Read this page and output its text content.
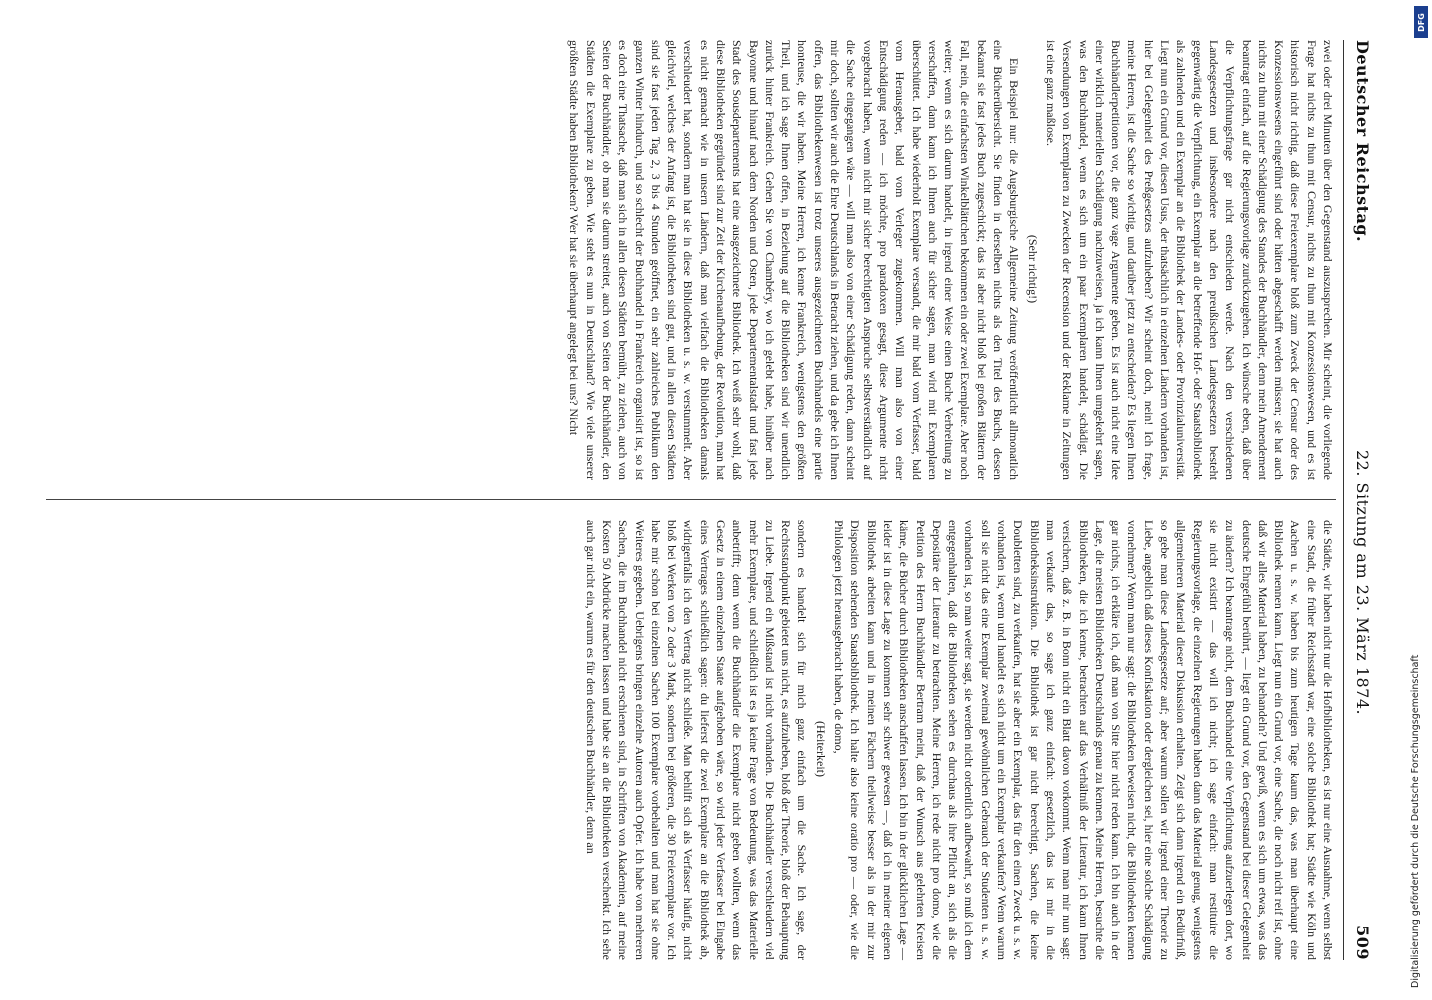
Deutscher Reichstag.
22. Sitzung am 23. März 1874.
509

zwei oder drei Minuten über den Gegenstand auszusprechen. Mir scheint, die vorliegende Frage hat nichts zu thun mit Censur, nichts zu thun mit Konzessionswesen, und es ist historisch nicht richtig, daß diese Freiexemplare bloß zum Zweck der Censur oder des Konzessionswesens eingeführt sind oder hätten abgeschafft werden müssen; sie hat auch nichts zu thun mit einer Schädigung des Standes der Buchhändler, denn mein Amendement beantragt einfach, auf die Regierungsvorlage zurückzugehen. Ich wünsche eben, daß über die Verpflichtungsfrage gar nicht entschieden werde. Nach den verschiedenen Landesgesetzen und insbesondere nach den preußischen Landesgesetzen besteht gegenwärtig die Verpflichtung, ein Exemplar an die betreffende Hof- oder Staatsbibliothek als zahlenden und ein Exemplar an die Bibliothek der Landes- oder Provinzialuniversität. Liegt nun ein Grund vor, diesen Usus, der thatsächlich in einzelnen Ländern vorhanden ist, hier bei Gelegenheit des Preßgesetzes aufzuheben? Wir scheint doch, nein! Ich frage, meine Herren, ist die Sache so wichtig, und darüber jetzt zu entscheiden? Es liegen Ihnen Buchhändlerpetitionen vor, die ganz vage Argumente geben. Es ist auch nicht eine Idee einer wirklich materiellen Schädigung nachzuweisen, ja ich kann Ihnen umgekehrt sagen, was den Buchhandel, wenn es sich um ein paar Exemplaren handelt, schädigt. Die Versendungen von Exemplaren zu Zwecken der Recension und der Reklame in Zeitungen ist eine ganz maßlose.

(Sehr richtig!)

Ein Beispiel nur: die Augsburgische Allgemeine Zeitung veröffentlicht allmonatlich eine Bücherübersicht. Sie finden in derselben nichts als den Titel des Buchs, dessen bekannt sie fast jedes Buch zugeschickt; das ist aber nicht bloß bei großen Blättern der Fall, nein, die einfachsten Winkelblättchen bekommen ein oder zwei Exemplare. Aber noch weiter; wenn es sich darum handelt, in irgend einer Weise einen Buche Verbreitung zu verschaffen, dann kann ich Ihnen auch für sicher sagen, man wird mit Exemplaren überschüttet. Ich habe wiederholt Exemplare versandt, die mir bald vom Verfasser, bald vom Herausgeber, bald vom Verleger zugekommen. Will man also von einer Entschädigung reden — ich möchte, pro paradoxen gesagt, diese Argumente nicht vorgebracht haben, wenn nicht mir sicher berechtigten Anspruche selbstverständlich auf die Sache eingegangen wäre — will man also von einer Schädigung reden, dann scheint mir doch, sollten wir auch die Ehre Deutschlands in Betracht ziehen, und da gebe ich Ihnen offen, das Bibliothekenwesen ist trotz unseres ausgezeichneten Buchhandels eine partie honteuse, die wir haben. Meine Herren, ich kenne Frankreich, wenigstens den größten Theil, und ich sage Ihnen offen, in Beziehung auf die Bibliotheken sind wir unendlich zurück hinter Frankreich. Gehen Sie von Chambéry, wo ich gelebt habe, hinüber nach Bayonne und hinauf nach dem Norden und Osten, jede Departementalstadt und fast jede Stadt des Sousdepartements hat eine ausgezeichnete Bibliothek. Ich weiß sehr wohl, daß diese Bibliotheken gegründet sind zur Zeit der Kirchenaufhebung, der Revolution, man hat es nicht gemacht wie in unsern Ländern, daß man vielfach die Bibliotheken damals verschleudert hat, sondern man hat sie in diese Bibliotheken u. s. w. verstummelt. Aber gleichviel, welches der Anfang ist, die Bibliotheken sind gut, und in allen diesen Städten sind sie fast jeden Tag 2, 3 bis 4 Stunden geöffnet, ein sehr zahlreiches Publikum den ganzen Winter hindurch, und so schlecht der Buchhandel in Frankreich organisirt ist, so ist es doch eine Thatsache, daß man sich in allen diesen Städten bemüht, zu ziehen, auch von Seiten der Buchhändler, ob man sie darum streitet, auch von Seiten der Buchhändler, den Städten die Exemplare zu geben. Wie steht es nun in Deutschland? Wie viele unserer größten Städte haben Bibliotheken? Wer hat sie überhaupt angelegt bei uns? Nicht

die Städte, wir haben nicht nur die Hofbibliotheken, es ist nur eine Ausnahme, wenn selbst eine Stadt, die früher Reichsstadt war, eine solche Bibliothek hat; Städte wie Köln und Aachen u. s. w. haben bis zum heutigen Tage kaum das, was man überhaupt eine Bibliothek nennen kann. Liegt nun ein Grund vor, eine Sache, die noch nicht reif ist, ohne daß wir alles Material haben, zu behandeln? Und gewiß, wenn es sich um etwas, was das deutsche Ehrgefühl berührt, — liegt ein Grund vor, den Gegenstand bei dieser Gelegenheit zu ändern? Ich beantrage nicht, dem Buchhandel eine Verpflichtung aufzuerlegen dort, wo sie nicht existirt — das will ich nicht; ich sage einfach: man restituire die Regierungsvorlage, die einzelnen Regierungen haben dann das Material genug, wenigstens allgemeineren Material dieser Diskussion erhalten. Zeigt sich dann irgend ein Bedürfniß, so gebe man diese Landesgesetze auf; aber warum sollen wir irgend einer Theorie zu Liebe, angeblich daß dieses Konfiskation oder dergleichen sei, hier eine solche Schädigung vornehmen? Wenn man nur sagt: die Bibliotheken beweisen nicht, die Bibliotheken kennen gar nichts, ich erkläre ich, daß man von Sitte hier nicht reden kann. Ich bin auch in der Lage, die meisten Bibliotheken Deutschlands genau zu kennen. Meine Herren, besuchte die Bibliotheken, die ich kenne, betrachten auf das Verhältniß der Literatur, ich kann Ihnen versichern, daß z. B. in Bonn nicht ein Blatt davon vorkommt. Wenn man mir nun sagt: man verkaufe das, so sage ich ganz einfach: gesetzlich, das ist mir in die Bibliotheksinstruktion. Die Bibliothek ist gar nicht berechtigt, Sachen, die keine Doubletten sind, zu verkaufen, hat sie aber ein Exemplar, das für den einen Zweck u. s. w. vorhanden ist, wenn und handelt es sich nicht um ein Exemplar verkaufen? Wenn warum soll sie nicht das eine Exemplar zweimal gewöhnlichen Gebrauch der Studenten u. s. w. vorhanden ist, so man weiter sagt, sie werden nicht ordentlich aufbewahrt, so muß ich dem entgegenhalten, daß die Bibliotheken sehen es durchaus als ihre Pflicht an, sich als die Depositäre der Literatur zu betrachten. Meine Herren, ich rede nicht pro domo, wie die Petition des Herrn Buchhändler Bertram meint, daß der Wunsch aus gelehrten Kreisen käme, die Bücher durch Bibliotheken anschaffen lassen. Ich bin in der glücklichen Lage — leider ist in diese Lage zu kommen sehr schwer gewesen —, daß ich in meiner eigenen Bibliothek arbeiten kann und in meinen Fächern theilweise besser als in der mir zur Disposition stehenden Staatsbibliothek. Ich halte also keine oratio pro — oder, wie die Philologen jetzt herausgebracht haben, de domo,

(Heiterkeit)

sondern es handelt sich für mich ganz einfach um die Sache. Ich sage, der Rechtsstandpunkt gebietet uns nicht, es aufzuheben, bloß der Theorie, bloß der Behauptung zu Liebe. Irgend ein Mißstand ist nicht vorhanden. Die Buchhändler verschleudern viel mehr Exemplare, und schließlich ist es ja keine Frage von Bedeutung, was das Materielle anbetrifft; denn wenn die Buchhändler die Exemplare nicht geben wollten, wenn das Gesetz in einem einzelnen Staate aufgehoben wäre, so wird jeder Verfasser bei Eingabe eines Vertrages schließlich sagen: du lieferst die zwei Exemplare an die Bibliothek ab, widrigenfalls ich den Vertrag nicht schließe. Man behilft sich als Verfasser häufig, nicht bloß bei Werken von 2 oder 3 Mark, sondern bei größeren, die 30 Freiexemplare vor. Ich habe mir schon bei einzelnen Sachen 100 Exemplare vorbehalten und man hat sie ohne Weiteres gegeben. Uebrigens bringen einzelne Autoren auch Opfer. Ich habe von mehreren Sachen, die im Buchhandel nicht erschienen sind, in Schriften von Akademien, auf meine Kosten 50 Abdrücke machen lassen und habe sie an die Bibliotheken verschenkt. Ich sehe auch gar nicht ein, warum es für den deutschen Buchhändler, denn an

DFG
Digitalisierung gefördert durch die Deutsche Forschungsgemeinschaft
